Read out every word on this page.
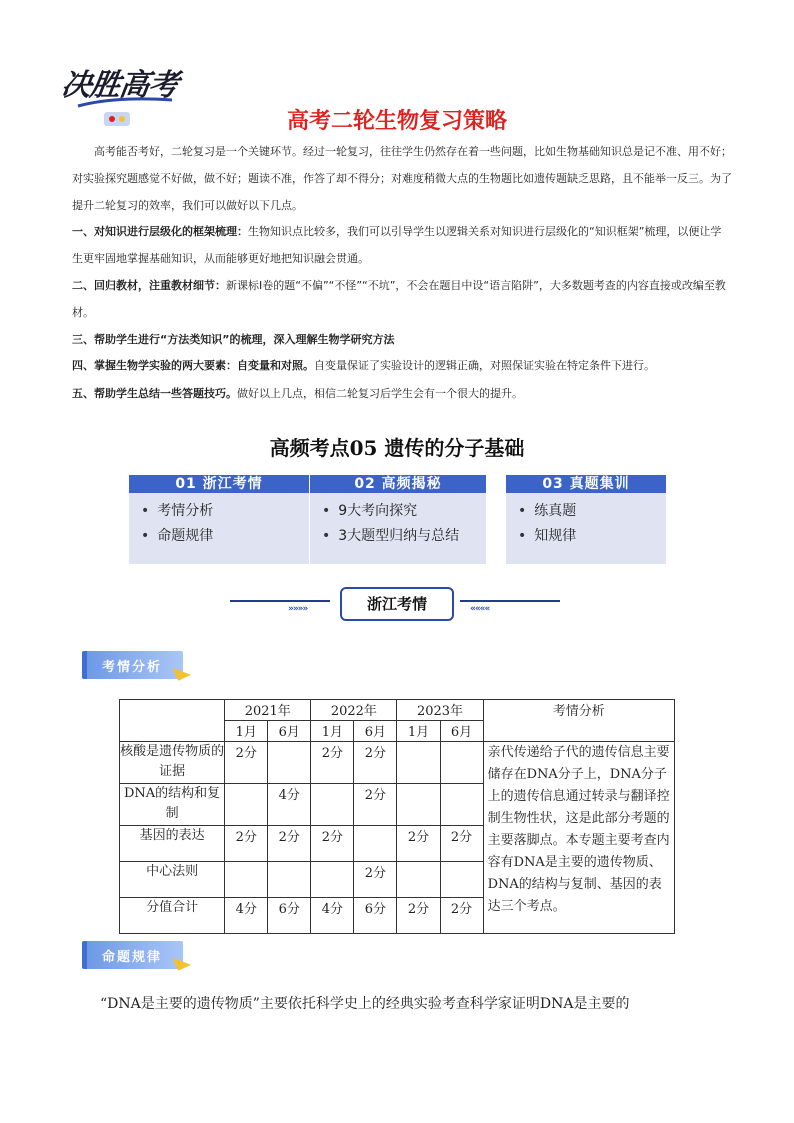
决胜高考
高考二轮生物复习策略
高考能否考好，二轮复习是一个关键环节。经过一轮复习，往往学生仍然存在着一些问题，比如生物基础知识总是记不准、用不好；对实验探究题感觉不好做，做不好；题读不准，作答了却不得分；对难度稍微大点的生物题比如遗传题缺乏思路，且不能举一反三。为了提升二轮复习的效率，我们可以做好以下几点。
一、对知识进行层级化的框架梳理：生物知识点比较多，我们可以引导学生以逻辑关系对知识进行层级化的“知识框架”梳理，以便让学生更牢固地掌握基础知识，从而能够更好地把知识融会贯通。
二、回归教材，注重教材细节：新课标Ⅰ卷的题“不偏”“不怪”“不坑”，不会在题目中设“语言陷阱”，大多数题考查的内容直接或改编至教材。
三、帮助学生进行“方法类知识”的梳理，深入理解生物学研究方法
四、掌握生物学实验的两大要素：自变量和对照。自变量保证了实验设计的逻辑正确，对照保证实验在特定条件下进行。
五、帮助学生总结一些答题技巧。做好以上几点，相信二轮复习后学生会有一个很大的提升。
高频考点05 遗传的分子基础
01 浙江考情
• 考情分析
• 命题规律
02 高频揭秘
• 9大考向探究
• 3大题型归纳与总结
03 真题集训
• 练真题
• 知规律
»»»»	浙江考情	««««
考情分析
	2021年		2022年		2023年		考情分析
	1月	6月	1月	6月	1月	6月	
核酸是遗传物质的证据	2分		2分	2分			亲代传递给子代的遗传信息主要储存在DNA分子上，DNA分子上的遗传信息通过转录与翻译控制生物性状，这是此部分考题的主要落脚点。本专题主要考查内容有DNA是主要的遗传物质、DNA的结构与复制、基因的表达三个考点。
DNA的结构和复制		4分		2分			
基因的表达	2分	2分	2分		2分	2分	
中心法则				2分			
分值合计	4分	6分	4分	6分	2分	2分	
命题规律
“DNA是主要的遗传物质”主要依托科学史上的经典实验考查科学家证明DNA是主要的
